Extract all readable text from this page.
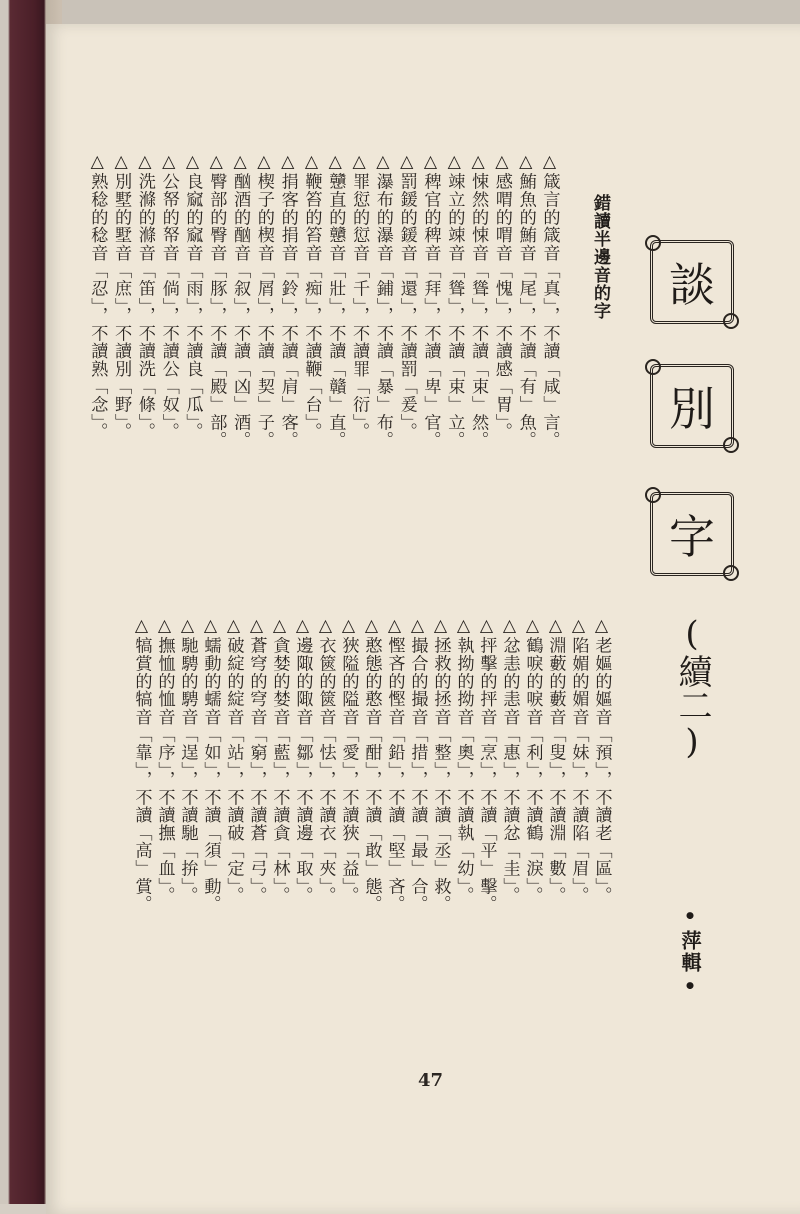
談
別
字
(續二)
•萍輯•
錯讀半邊音的字
△箴言的箴音「真」，不讀「咸」言。
△鮪魚的鮪音「尾」，不讀「有」魚。
△感喟的喟音「愧」，不讀感「胃」。
△悚然的悚音「聳」，不讀「束」然。
△竦立的竦音「聳」，不讀「束」立。
△稗官的稗音「拜」，不讀「卑」官。
△罰鍰的鍰音「還」，不讀罰「爰」。
△瀑布的瀑音「鋪」，不讀「暴」布。
△罪愆的愆音「千」，不讀罪「衍」。
△戇直的戇音「壯」，不讀「贛」直。
△鞭笞的笞音「痴」，不讀鞭「台」。
△捐客的捐音「鈴」，不讀「肩」客。
△楔子的楔音「屑」，不讀「契」子。
△酗酒的酗音「叙」，不讀「凶」酒。
△臀部的臀音「豚」，不讀「殿」部。
△良窳的窳音「雨」，不讀良「瓜」。
△公帑的帑音「倘」，不讀公「奴」。
△洗滌的滌音「笛」，不讀洗「條」。
△別墅的墅音「庶」，不讀別「野」。
△熟稔的稔音「忍」，不讀熟「念」。
△老嫗的嫗音「預」，不讀老「區」。
△陷媚的媚音「妹」，不讀陷「眉」。
△淵藪的藪音「叟」，不讀淵「數」。
△鶴唳的唳音「利」，不讀鶴「淚」。
△忿恚的恚音「惠」，不讀忿「圭」。
△抨擊的抨音「烹」，不讀「平」擊。
△執拗的拗音「奧」，不讀執「幼」。
△拯救的拯音「整」，不讀「丞」救。
△撮合的撮音「措」，不讀「最」合。
△慳吝的慳音「鉛」，不讀「堅」吝。
△憨態的憨音「酣」，不讀「敢」態。
△狹隘的隘音「愛」，不讀狹「益」。
△衣篋的篋音「怯」，不讀衣「夾」。
△邊陬的陬音「鄒」，不讀邊「取」。
△貪婪的婪音「藍」，不讀貪「林」。
△蒼穹的穹音「窮」，不讀蒼「弓」。
△破綻的綻音「站」，不讀破「定」。
△蠕動的蠕音「如」，不讀「須」動。
△馳騁的騁音「逞」，不讀馳「拚」。
△撫恤的恤音「序」，不讀撫「血」。
△犒賞的犒音「靠」，不讀「高」賞。
47
